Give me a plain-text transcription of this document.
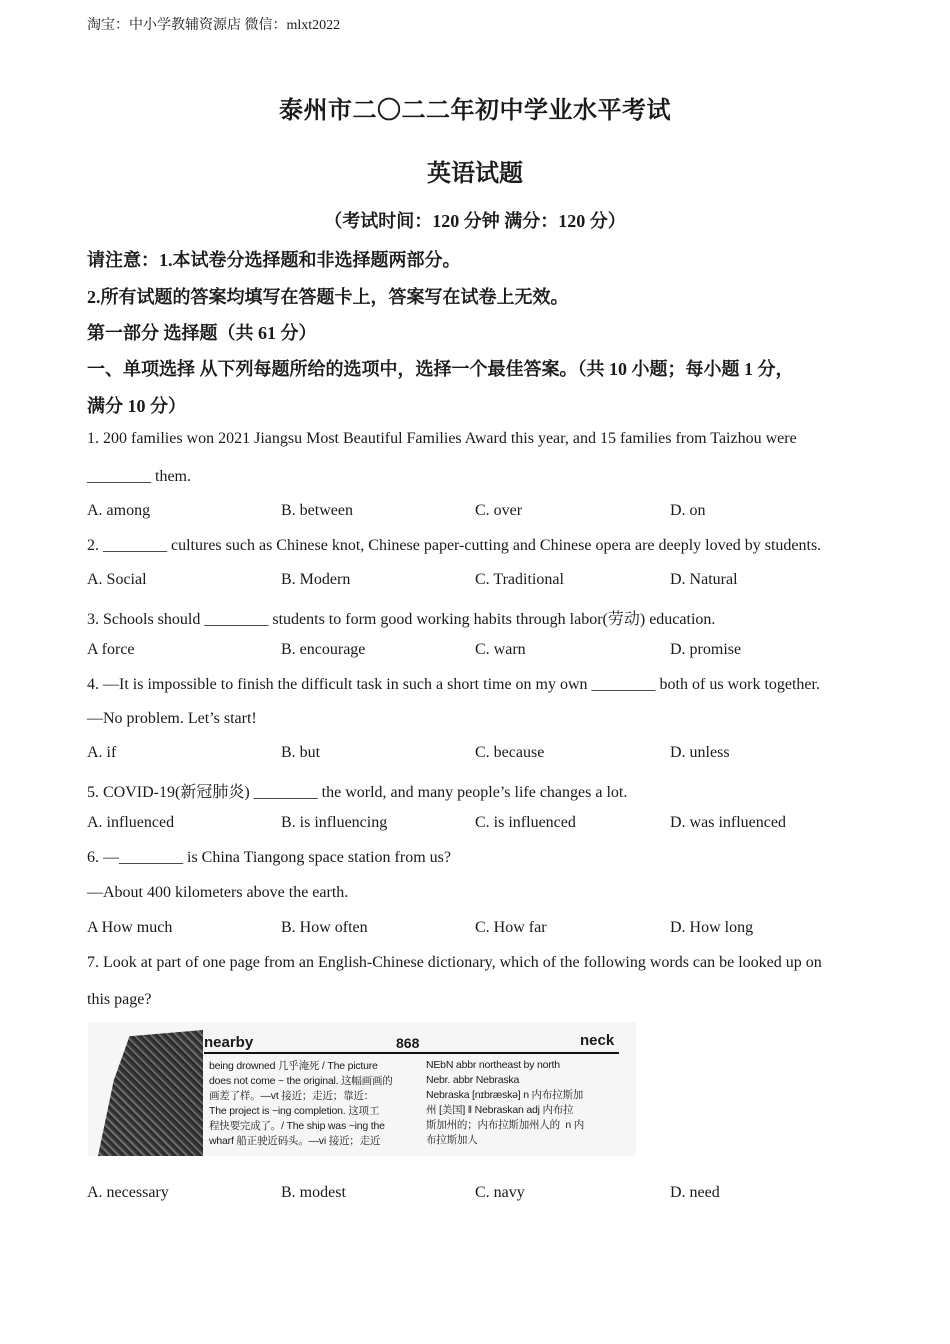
淘宝：中小学教辅资源店 微信：mlxt2022
泰州市二〇二二年初中学业水平考试
英语试题
（考试时间：120 分钟 满分：120 分）
请注意：1.本试卷分选择题和非选择题两部分。
2.所有试题的答案均填写在答题卡上，答案写在试卷上无效。
第一部分 选择题（共 61 分）
一、单项选择 从下列每题所给的选项中，选择一个最佳答案。（共 10 小题；每小题 1 分，
满分 10 分）
1. 200 families won 2021 Jiangsu Most Beautiful Families Award this year, and 15 families from Taizhou were
________ them.
A. among	B. between	C. over	D. on
2. ________ cultures such as Chinese knot, Chinese paper-cutting and Chinese opera are deeply loved by students.
A. Social	B. Modern	C. Traditional	D. Natural
3. Schools should ________ students to form good working habits through labor(劳动) education.
A force	B. encourage	C. warn	D. promise
4. —It is impossible to finish the difficult task in such a short time on my own ________ both of us work together.
—No problem. Let’s start!
A. if	B. but	C. because	D. unless
5. COVID-19(新冠肺炎) ________ the world, and many people’s life changes a lot.
A. influenced	B. is influencing	C. is influenced	D. was influenced
6. —________ is China Tiangong space station from us?
—About 400 kilometers above the earth.
A How much	B. How often	C. How far	D. How long
7. Look at part of one page from an English-Chinese dictionary, which of the following words can be looked up on
this page?
nearby	868	neck
being drowned 几乎淹死 / The picture
does not come ~ the original. 这幅画画的
画差了样。—vt 接近；走近；靠近：
The project is ~ing completion. 这项工
程快要完成了。/ The ship was ~ing the
wharf 船正驶近码头。—vi 接近；走近
NEbN abbr northeast by north
Nebr. abbr Nebraska
Nebraska [nɪbræskə] n 内布拉斯加
州 [美国] ‖ Nebraskan adj 内布拉
斯加州的；内布拉斯加州人的  n 内
布拉斯加人
A. necessary	B. modest	C. navy	D. need
